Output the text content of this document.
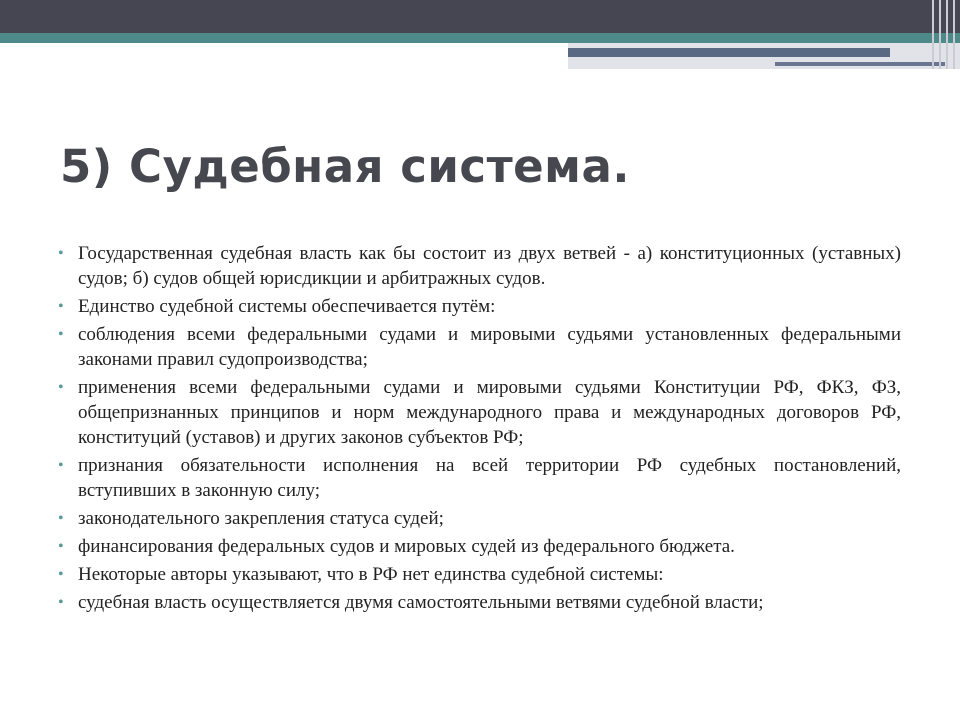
5) Судебная система.
• Государственная судебная власть как бы состоит из двух ветвей - а) конституционных (уставных) судов; б) судов общей юрисдикции и арбитражных судов.
• Единство судебной системы обеспечивается путём:
• соблюдения всеми федеральными судами и мировыми судьями установленных федеральными законами правил судопроизводства;
• применения всеми федеральными судами и мировыми судьями Конституции РФ, ФКЗ, ФЗ, общепризнанных принципов и норм международного права и международных договоров РФ, конституций (уставов) и других законов субъектов РФ;
• признания обязательности исполнения на всей территории РФ судебных постановлений, вступивших в законную силу;
• законодательного закрепления статуса судей;
• финансирования федеральных судов и мировых судей из федерального бюджета.
• Некоторые авторы указывают, что в РФ нет единства судебной системы:
• судебная власть осуществляется двумя самостоятельными ветвями судебной власти;
